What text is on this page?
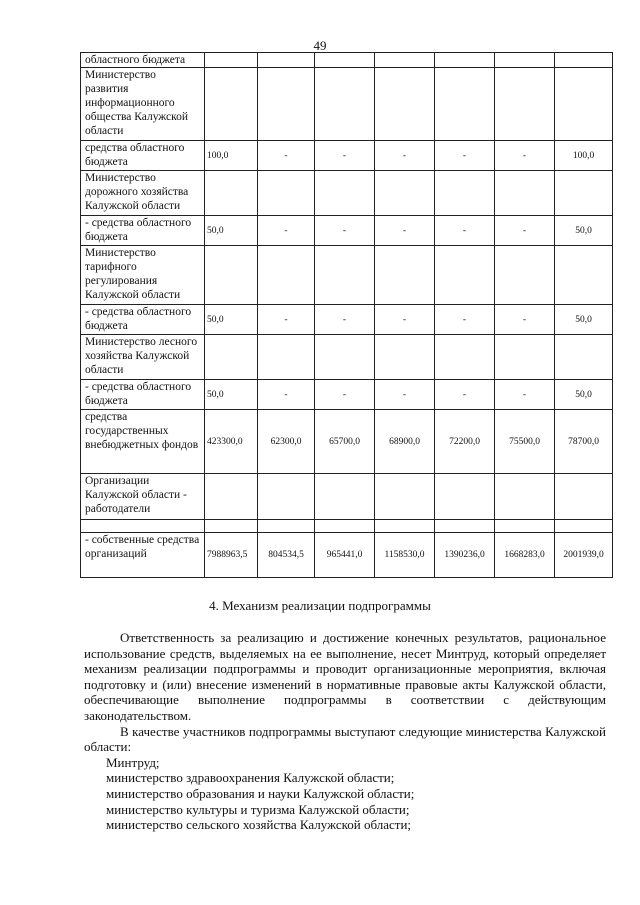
49
областного бюджета							
Министерство развития информационного общества Калужской области							
средства областного бюджета	100,0	-	-	-	-	-	100,0
Министерство дорожного хозяйства Калужской области							
- средства областного бюджета	50,0	-	-	-	-	-	50,0
Министерство тарифного регулирования Калужской области							
- средства областного бюджета	50,0	-	-	-	-	-	50,0
Министерство лесного хозяйства Калужской области							
- средства областного бюджета	50,0	-	-	-	-	-	50,0
средства государственных внебюджетных фондов	423300,0	62300,0	65700,0	68900,0	72200,0	75500,0	78700,0
Организации Калужской области - работодатели							

- собственные средства организаций	7988963,5	804534,5	965441,0	1158530,0	1390236,0	1668283,0	2001939,0
4. Механизм реализации подпрограммы

Ответственность за реализацию и достижение конечных результатов, рациональное использование средств, выделяемых на ее выполнение, несет Минтруд, который определяет механизм реализации подпрограммы и проводит организационные мероприятия, включая подготовку и (или) внесение изменений в нормативные правовые акты Калужской области, обеспечивающие выполнение подпрограммы в соответствии с действующим законодательством.

В качестве участников подпрограммы выступают следующие министерства Калужской области:

Минтруд;

министерство здравоохранения Калужской области;

министерство образования и науки Калужской области;

министерство культуры и туризма Калужской области;

министерство сельского хозяйства Калужской области;
